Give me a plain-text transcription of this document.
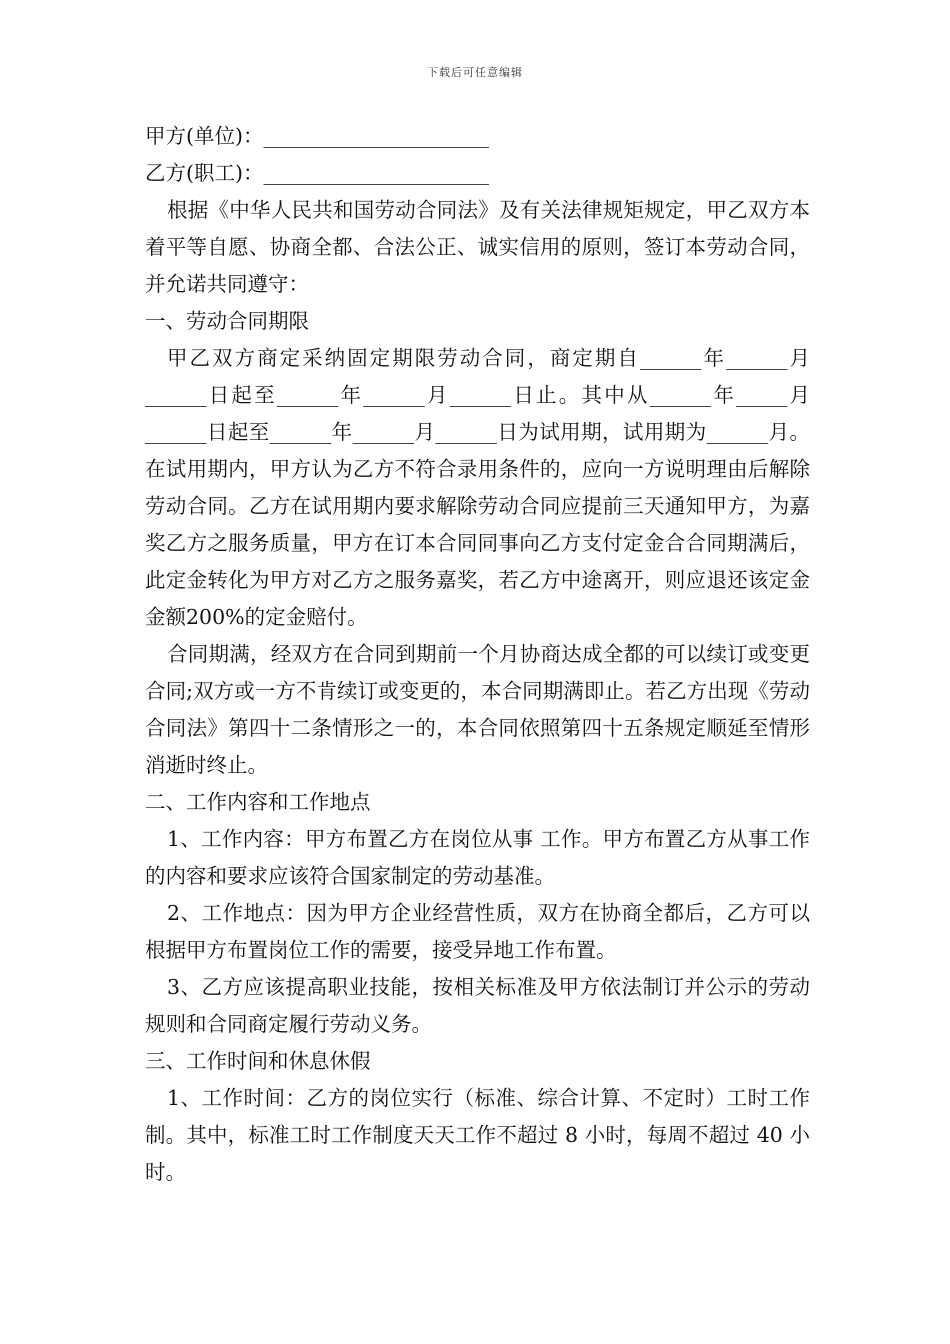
下载后可任意编辑

甲方(单位)：______________________

乙方(职工)：______________________

根据《中华人民共和国劳动合同法》及有关法律规矩规定，甲乙双方本着平等自愿、协商全都、合法公正、诚实信用的原则，签订本劳动合同，并允诺共同遵守：

一、劳动合同期限

甲乙双方商定采纳固定期限劳动合同，商定期自______年______月______日起至______年______月______日止。其中从______年_____月______日起至______年______月______日为试用期，试用期为______月。在试用期内，甲方认为乙方不符合录用条件的，应向一方说明理由后解除劳动合同。乙方在试用期内要求解除劳动合同应提前三天通知甲方，为嘉奖乙方之服务质量，甲方在订本合同同事向乙方支付定金合合同期满后，此定金转化为甲方对乙方之服务嘉奖，若乙方中途离开，则应退还该定金金额200%的定金赔付。

合同期满，经双方在合同到期前一个月协商达成全都的可以续订或变更合同;双方或一方不肯续订或变更的，本合同期满即止。若乙方出现《劳动合同法》第四十二条情形之一的，本合同依照第四十五条规定顺延至情形消逝时终止。

二、工作内容和工作地点

1、工作内容：甲方布置乙方在岗位从事 工作。甲方布置乙方从事工作的内容和要求应该符合国家制定的劳动基准。

2、工作地点：因为甲方企业经营性质，双方在协商全都后，乙方可以根据甲方布置岗位工作的需要，接受异地工作布置。

3、乙方应该提高职业技能，按相关标准及甲方依法制订并公示的劳动规则和合同商定履行劳动义务。

三、工作时间和休息休假

1、工作时间：乙方的岗位实行（标准、综合计算、不定时）工时工作制。其中，标准工时工作制度天天工作不超过 8 小时，每周不超过 40 小时。
